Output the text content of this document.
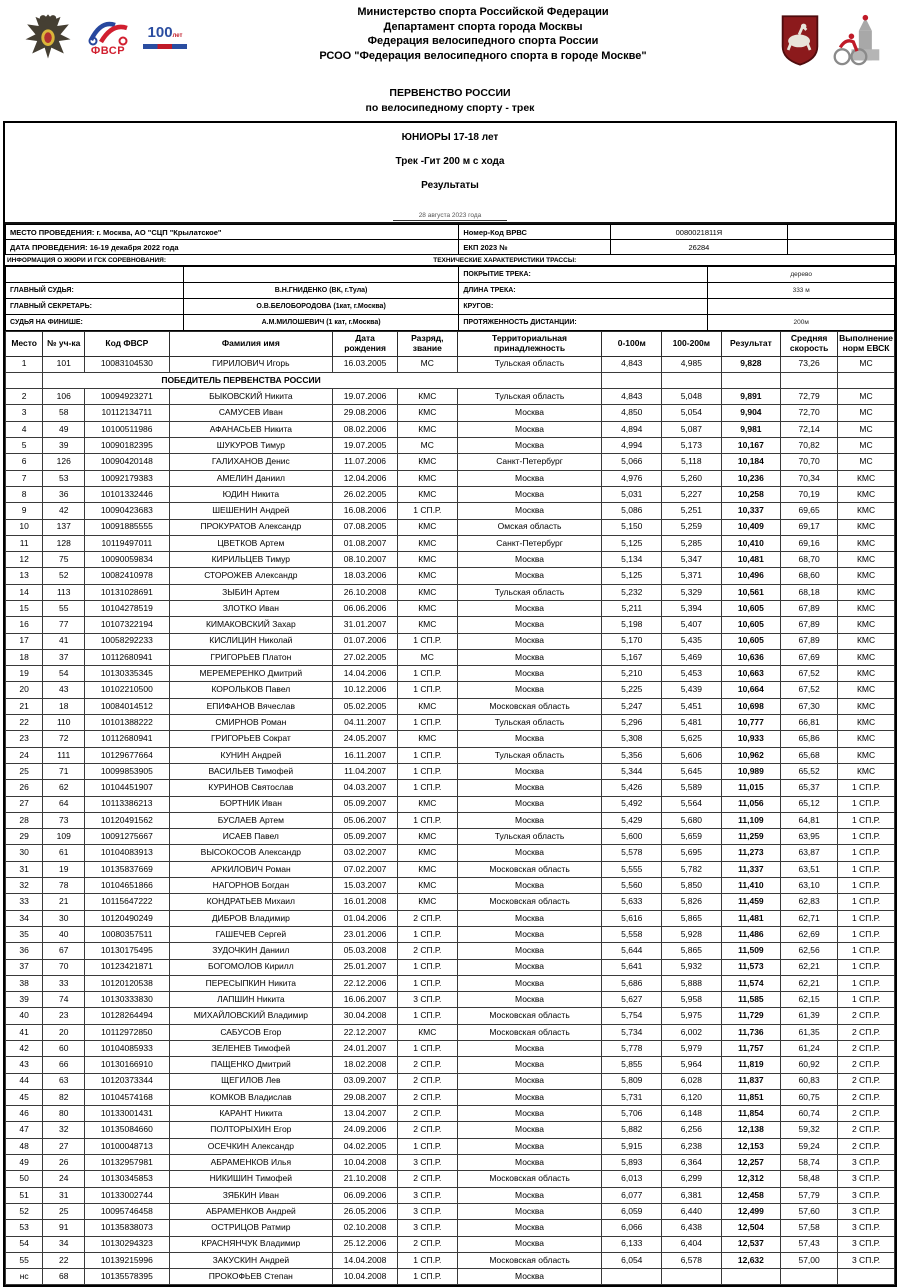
ФВСР
100лет
Министерство спорта Российской Федерации
Департамент спорта города Москвы
Федерация велосипедного спорта России
РСОО "Федерация велосипедного спорта в городе Москве"
ПЕРВЕНСТВО РОССИИ
по велосипедному спорту - трек
ЮНИОРЫ 17-18 лет
Трек -Гит 200 м с хода
Результаты
28 августа 2023 года
МЕСТО ПРОВЕДЕНИЯ: г. Москва, АО "СЦП "Крылатское"	Номер-Код ВРВС	0080021811Я	
ДАТА ПРОВЕДЕНИЯ: 16-19 декабря 2022 года	ЕКП 2023 №	26284	
ИНФОРМАЦИЯ О ЖЮРИ И ГСК СОРЕВНОВАНИЯ:	ТЕХНИЧЕСКИЕ ХАРАКТЕРИСТИКИ ТРАССЫ:
		ПОКРЫТИЕ ТРЕКА:	дерево
ГЛАВНЫЙ СУДЬЯ:	В.Н.ГНИДЕНКО (ВК, г.Тула)	ДЛИНА ТРЕКА:	333 м
ГЛАВНЫЙ СЕКРЕТАРЬ:	О.В.БЕЛОБОРОДОВА (1кат, г.Москва)	КРУГОВ:	
СУДЬЯ НА ФИНИШЕ:	А.М.МИЛОШЕВИЧ (1 кат, г.Москва)	ПРОТЯЖЕННОСТЬ ДИСТАНЦИИ:	200м
Место	№ уч-ка	Код ФВСР	Фамилия имя	Дата рождения	Разряд, звание	Территориальная принадлежность	0-100м	100-200м	Результат	Средняя скорость	Выполнение норм ЕВСК
1	101	10083104530	ГИРИЛОВИЧ Игорь	16.03.2005	МС	Тульская область	4,843	4,985	9,828	73,26	МС
	ПОБЕДИТЕЛЬ ПЕРВЕНСТВА РОССИИ										
2	106	10094923271	БЫКОВСКИЙ Никита	19.07.2006	КМС	Тульская область	4,843	5,048	9,891	72,79	МС
3	58	10112134711	САМУСЕВ Иван	29.08.2006	КМС	Москва	4,850	5,054	9,904	72,70	МС
4	49	10100511986	АФАНАСЬЕВ Никита	08.02.2006	КМС	Москва	4,894	5,087	9,981	72,14	МС
5	39	10090182395	ШУКУРОВ Тимур	19.07.2005	МС	Москва	4,994	5,173	10,167	70,82	МС
6	126	10090420148	ГАЛИХАНОВ Денис	11.07.2006	КМС	Санкт-Петербург	5,066	5,118	10,184	70,70	МС
7	53	10092179383	АМЕЛИН Даниил	12.04.2006	КМС	Москва	4,976	5,260	10,236	70,34	КМС
8	36	10101332446	ЮДИН Никита	26.02.2005	КМС	Москва	5,031	5,227	10,258	70,19	КМС
9	42	10090423683	ШЕШЕНИН Андрей	16.08.2006	1 СП.Р.	Москва	5,086	5,251	10,337	69,65	КМС
10	137	10091885555	ПРОКУРАТОВ Александр	07.08.2005	КМС	Омская область	5,150	5,259	10,409	69,17	КМС
11	128	10119497011	ЦВЕТКОВ Артем	01.08.2007	КМС	Санкт-Петербург	5,125	5,285	10,410	69,16	КМС
12	75	10090059834	КИРИЛЬЦЕВ Тимур	08.10.2007	КМС	Москва	5,134	5,347	10,481	68,70	КМС
13	52	10082410978	СТОРОЖЕВ Александр	18.03.2006	КМС	Москва	5,125	5,371	10,496	68,60	КМС
14	113	10131028691	ЗЫБИН Артем	26.10.2008	КМС	Тульская область	5,232	5,329	10,561	68,18	КМС
15	55	10104278519	ЗЛОТКО Иван	06.06.2006	КМС	Москва	5,211	5,394	10,605	67,89	КМС
16	77	10107322194	КИМАКОВСКИЙ Захар	31.01.2007	КМС	Москва	5,198	5,407	10,605	67,89	КМС
17	41	10058292233	КИСЛИЦИН Николай	01.07.2006	1 СП.Р.	Москва	5,170	5,435	10,605	67,89	КМС
18	37	10112680941	ГРИГОРЬЕВ Платон	27.02.2005	МС	Москва	5,167	5,469	10,636	67,69	КМС
19	54	10130335345	МЕРЕМЕРЕНКО Дмитрий	14.04.2006	1 СП.Р.	Москва	5,210	5,453	10,663	67,52	КМС
20	43	10102210500	КОРОЛЬКОВ Павел	10.12.2006	1 СП.Р.	Москва	5,225	5,439	10,664	67,52	КМС
21	18	10084014512	ЕПИФАНОВ Вячеслав	05.02.2005	КМС	Московская область	5,247	5,451	10,698	67,30	КМС
22	110	10101388222	СМИРНОВ Роман	04.11.2007	1 СП.Р.	Тульская область	5,296	5,481	10,777	66,81	КМС
23	72	10112680941	ГРИГОРЬЕВ Сократ	24.05.2007	КМС	Москва	5,308	5,625	10,933	65,86	КМС
24	111	10129677664	КУНИН Андрей	16.11.2007	1 СП.Р.	Тульская область	5,356	5,606	10,962	65,68	КМС
25	71	10099853905	ВАСИЛЬЕВ Тимофей	11.04.2007	1 СП.Р.	Москва	5,344	5,645	10,989	65,52	КМС
26	62	10104451907	КУРИНОВ Святослав	04.03.2007	1 СП.Р.	Москва	5,426	5,589	11,015	65,37	1 СП.Р.
27	64	10113386213	БОРТНИК Иван	05.09.2007	КМС	Москва	5,492	5,564	11,056	65,12	1 СП.Р.
28	73	10120491562	БУСЛАЕВ Артем	05.06.2007	1 СП.Р.	Москва	5,429	5,680	11,109	64,81	1 СП.Р.
29	109	10091275667	ИСАЕВ Павел	05.09.2007	КМС	Тульская область	5,600	5,659	11,259	63,95	1 СП.Р.
30	61	10104083913	ВЫСОКОСОВ Александр	03.02.2007	КМС	Москва	5,578	5,695	11,273	63,87	1 СП.Р.
31	19	10135837669	АРКИЛОВИЧ Роман	07.02.2007	КМС	Московская область	5,555	5,782	11,337	63,51	1 СП.Р.
32	78	10104651866	НАГОРНОВ Богдан	15.03.2007	КМС	Москва	5,560	5,850	11,410	63,10	1 СП.Р.
33	21	10115647222	КОНДРАТЬЕВ Михаил	16.01.2008	КМС	Московская область	5,633	5,826	11,459	62,83	1 СП.Р.
34	30	10120490249	ДИБРОВ Владимир	01.04.2006	2 СП.Р.	Москва	5,616	5,865	11,481	62,71	1 СП.Р.
35	40	10080357511	ГАШЕЧЕВ Сергей	23.01.2006	1 СП.Р.	Москва	5,558	5,928	11,486	62,69	1 СП.Р.
36	67	10130175495	ЗУДОЧКИН Даниил	05.03.2008	2 СП.Р.	Москва	5,644	5,865	11,509	62,56	1 СП.Р.
37	70	10123421871	БОГОМОЛОВ Кирилл	25.01.2007	1 СП.Р.	Москва	5,641	5,932	11,573	62,21	1 СП.Р.
38	33	10120120538	ПЕРЕСЫПКИН Никита	22.12.2006	1 СП.Р.	Москва	5,686	5,888	11,574	62,21	1 СП.Р.
39	74	10130333830	ЛАПШИН Никита	16.06.2007	3 СП.Р.	Москва	5,627	5,958	11,585	62,15	1 СП.Р.
40	23	10128264494	МИХАЙЛОВСКИЙ Владимир	30.04.2008	1 СП.Р.	Московская область	5,754	5,975	11,729	61,39	2 СП.Р.
41	20	10112972850	САБУСОВ Егор	22.12.2007	КМС	Московская область	5,734	6,002	11,736	61,35	2 СП.Р.
42	60	10104085933	ЗЕЛЕНЕВ Тимофей	24.01.2007	1 СП.Р.	Москва	5,778	5,979	11,757	61,24	2 СП.Р.
43	66	10130166910	ПАЩЕНКО Дмитрий	18.02.2008	2 СП.Р.	Москва	5,855	5,964	11,819	60,92	2 СП.Р.
44	63	10120373344	ЩЕГИЛОВ Лев	03.09.2007	2 СП.Р.	Москва	5,809	6,028	11,837	60,83	2 СП.Р.
45	82	10104574168	КОМКОВ Владислав	29.08.2007	2 СП.Р.	Москва	5,731	6,120	11,851	60,75	2 СП.Р.
46	80	10133001431	КАРАНТ Никита	13.04.2007	2 СП.Р.	Москва	5,706	6,148	11,854	60,74	2 СП.Р.
47	32	10135084660	ПОЛТОРЫХИН Егор	24.09.2006	2 СП.Р.	Москва	5,882	6,256	12,138	59,32	2 СП.Р.
48	27	10100048713	ОСЕЧКИН Александр	04.02.2005	1 СП.Р.	Москва	5,915	6,238	12,153	59,24	2 СП.Р.
49	26	10132957981	АБРАМЕНКОВ Илья	10.04.2008	3 СП.Р.	Москва	5,893	6,364	12,257	58,74	3 СП.Р.
50	24	10130345853	НИКИШИН Тимофей	21.10.2008	2 СП.Р.	Московская область	6,013	6,299	12,312	58,48	3 СП.Р.
51	31	10133002744	ЗЯБКИН Иван	06.09.2006	3 СП.Р.	Москва	6,077	6,381	12,458	57,79	3 СП.Р.
52	25	10095746458	АБРАМЕНКОВ Андрей	26.05.2006	3 СП.Р.	Москва	6,059	6,440	12,499	57,60	3 СП.Р.
53	91	10135838073	ОСТРИЦОВ Ратмир	02.10.2008	3 СП.Р.	Москва	6,066	6,438	12,504	57,58	3 СП.Р.
54	34	10130294323	КРАСНЯНЧУК Владимир	25.12.2006	2 СП.Р.	Москва	6,133	6,404	12,537	57,43	3 СП.Р.
55	22	10139215996	ЗАКУСКИН Андрей	14.04.2008	1 СП.Р.	Московская область	6,054	6,578	12,632	57,00	3 СП.Р.
нс	68	10135578395	ПРОКОФЬЕВ Степан	10.04.2008	1 СП.Р.	Москва					
